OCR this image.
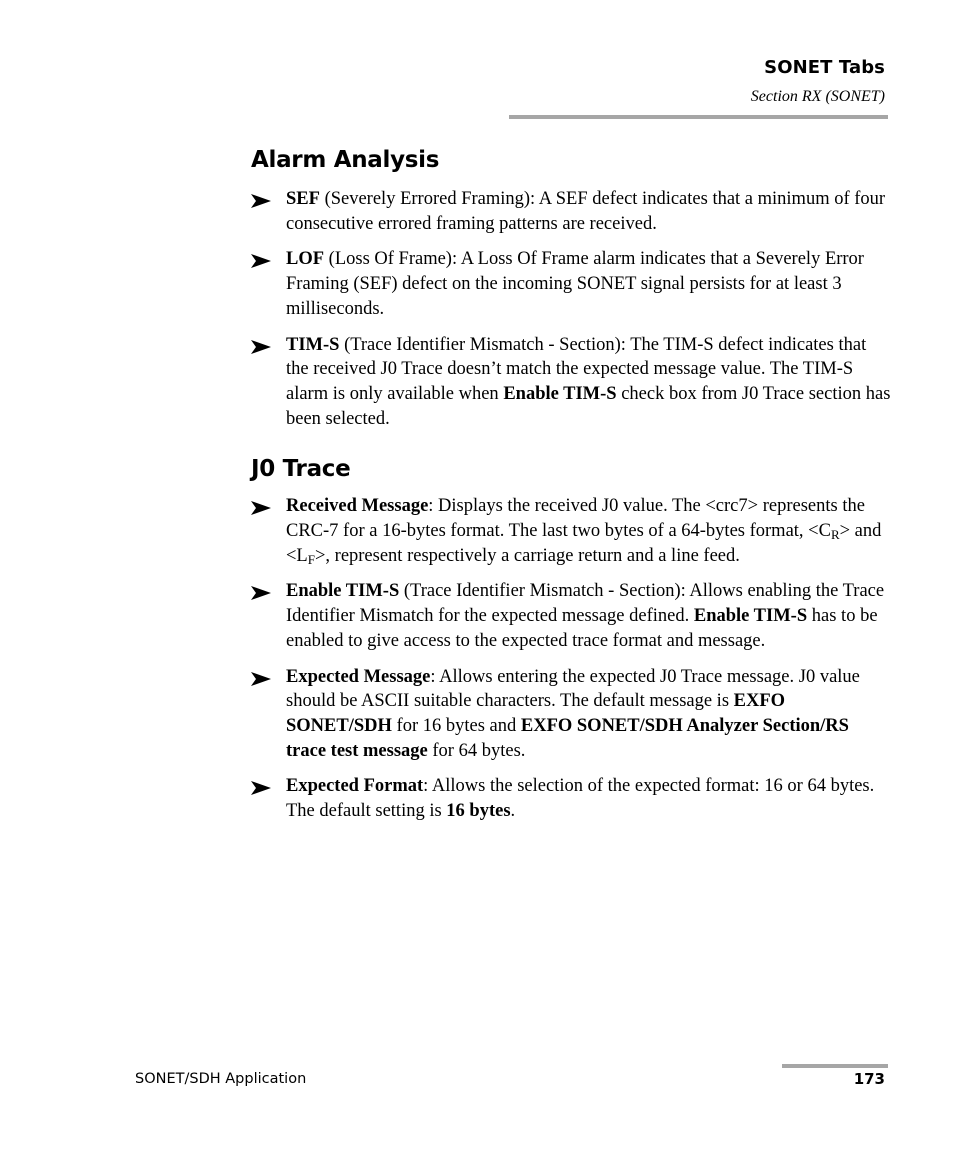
SONET Tabs
Section RX (SONET)
Alarm Analysis
SEF (Severely Errored Framing): A SEF defect indicates that a minimum of four consecutive errored framing patterns are received.
LOF (Loss Of Frame): A Loss Of Frame alarm indicates that a Severely Error Framing (SEF) defect on the incoming SONET signal persists for at least 3 milliseconds.
TIM-S (Trace Identifier Mismatch - Section): The TIM-S defect indicates that the received J0 Trace doesn’t match the expected message value. The TIM-S alarm is only available when Enable TIM-S check box from J0 Trace section has been selected.
J0 Trace
Received Message: Displays the received J0 value. The <crc7> represents the CRC-7 for a 16-bytes format. The last two bytes of a 64-bytes format, $<C_R>$ and $<L_F>$, represent respectively a carriage return and a line feed.
Enable TIM-S (Trace Identifier Mismatch - Section): Allows enabling the Trace Identifier Mismatch for the expected message defined. Enable TIM-S has to be enabled to give access to the expected trace format and message.
Expected Message: Allows entering the expected J0 Trace message. J0 value should be ASCII suitable characters. The default message is EXFO SONET/SDH for 16 bytes and EXFO SONET/SDH Analyzer Section/RS trace test message for 64 bytes.
Expected Format: Allows the selection of the expected format: 16 or 64 bytes. The default setting is 16 bytes.
SONET/SDH Application	173
